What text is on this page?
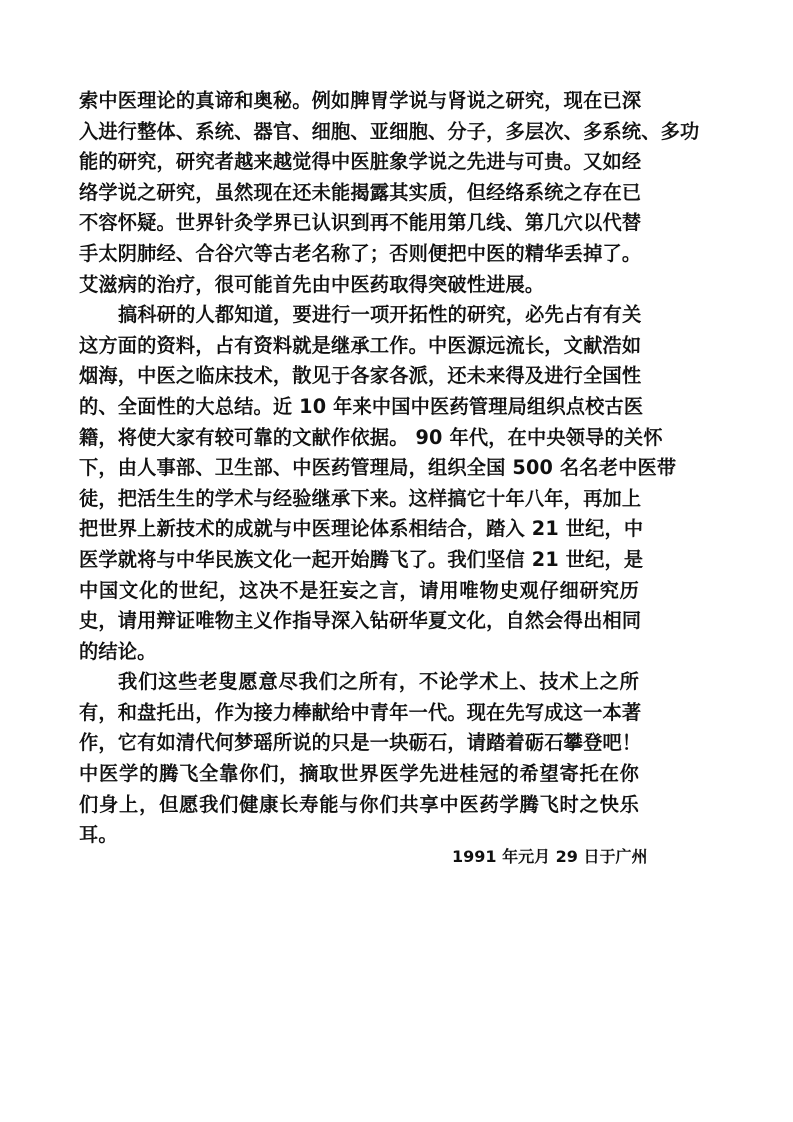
索中医理论的真谛和奥秘。例如脾胃学说与肾说之研究，现在已深
入进行整体、系统、器官、细胞、亚细胞、分子，多层次、多系统、多功
能的研究，研究者越来越觉得中医脏象学说之先进与可贵。又如经
络学说之研究，虽然现在还未能揭露其实质，但经络系统之存在已
不容怀疑。世界针灸学界已认识到再不能用第几线、第几穴以代替
手太阴肺经、合谷穴等古老名称了；否则便把中医的精华丢掉了。
艾滋病的治疗，很可能首先由中医药取得突破性进展。
搞科研的人都知道，要进行一项开拓性的研究，必先占有有关
这方面的资料，占有资料就是继承工作。中医源远流长，文献浩如
烟海，中医之临床技术，散见于各家各派，还未来得及进行全国性
的、全面性的大总结。近 10 年来中国中医药管理局组织点校古医
籍，将使大家有较可靠的文献作依据。 90 年代，在中央领导的关怀
下，由人事部、卫生部、中医药管理局，组织全国 500 名名老中医带
徒，把活生生的学术与经验继承下来。这样搞它十年八年，再加上
把世界上新技术的成就与中医理论体系相结合，踏入 21 世纪，中
医学就将与中华民族文化一起开始腾飞了。我们坚信 21 世纪，是
中国文化的世纪，这决不是狂妄之言，请用唯物史观仔细研究历
史，请用辩证唯物主义作指导深入钻研华夏文化，自然会得出相同
的结论。
我们这些老叟愿意尽我们之所有，不论学术上、技术上之所
有，和盘托出，作为接力棒献给中青年一代。现在先写成这一本著
作，它有如清代何梦瑶所说的只是一块砺石，请踏着砺石攀登吧！
中医学的腾飞全靠你们，摘取世界医学先进桂冠的希望寄托在你
们身上，但愿我们健康长寿能与你们共享中医药学腾飞时之快乐
耳。
1991 年元月 29 日于广州
